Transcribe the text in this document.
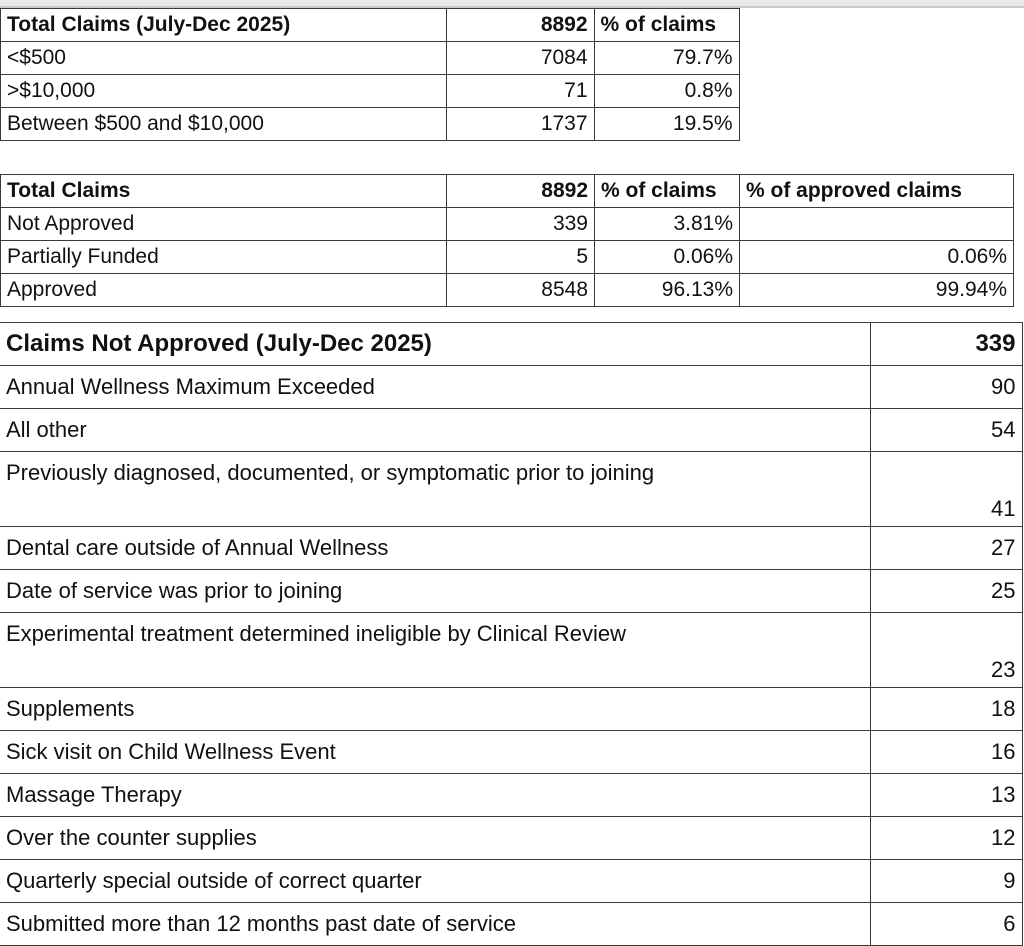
Total Claims (July-Dec 2025)	8892	% of claims	
<$500	7084	79.7%	
>$10,000	71	0.8%	
Between $500 and $10,000	1737	19.5%	
Total Claims	8892	% of claims	% of approved claims
Not Approved	339	3.81%	
Partially Funded	5	0.06%	0.06%
Approved	8548	96.13%	99.94%
Claims Not Approved (July-Dec 2025)	339
Annual Wellness Maximum Exceeded	90
All other	54
Previously diagnosed, documented, or symptomatic prior to joining	41
Dental care outside of Annual Wellness	27
Date of service was prior to joining	25
Experimental treatment determined ineligible by Clinical Review	23
Supplements	18
Sick visit on Child Wellness Event	16
Massage Therapy	13
Over the counter supplies	12
Quarterly special outside of correct quarter	9
Submitted more than 12 months past date of service	6
